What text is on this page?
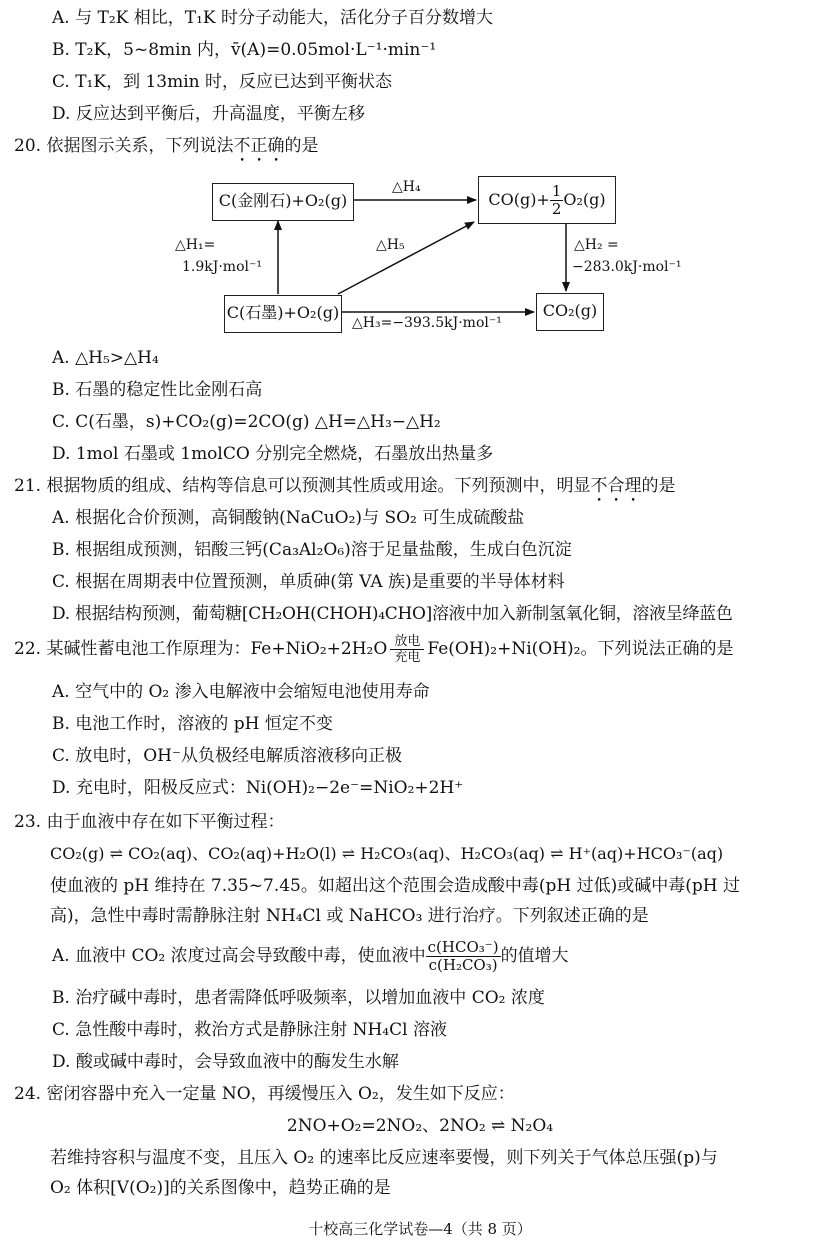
A. 与 T₂K 相比，T₁K 时分子动能大，活化分子百分数增大
B. T₂K，5~8min 内，v̄(A)=0.05mol·L⁻¹·min⁻¹
C. T₁K，到 13min 时，反应已达到平衡状态
D. 反应达到平衡后，升高温度，平衡左移
20. 依据图示关系，下列说法不正确的是
C(金刚石)+O₂(g)	$CO(g)+ \frac{1}{2} O_2(g)$
C(石墨)+O₂(g)	CO₂(g)
△H₄
△H₅
△H₁=
1.9kJ·mol⁻¹
△H₂ =
−283.0kJ·mol⁻¹
△H₃=−393.5kJ·mol⁻¹
A. △H₅>△H₄
B. 石墨的稳定性比金刚石高
C. C(石墨，s)+CO₂(g)=2CO(g) △H=△H₃−△H₂
D. 1mol 石墨或 1molCO 分别完全燃烧，石墨放出热量多
21. 根据物质的组成、结构等信息可以预测其性质或用途。下列预测中，明显不合理的是
A. 根据化合价预测，高铜酸钠(NaCuO₂)与 SO₂ 可生成硫酸盐
B. 根据组成预测，铝酸三钙(Ca₃Al₂O₆)溶于足量盐酸，生成白色沉淀
C. 根据在周期表中位置预测，单质砷(第 VA 族)是重要的半导体材料
D. 根据结构预测，葡萄糖[CH₂OH(CHOH)₄CHO]溶液中加入新制氢氧化铜，溶液呈绛蓝色
22. 某碱性蓄电池工作原理为：Fe+NiO₂+2H₂O 放电
充电 Fe(OH)₂+Ni(OH)₂。下列说法正确的是
A. 空气中的 O₂ 渗入电解液中会缩短电池使用寿命
B. 电池工作时，溶液的 pH 恒定不变
C. 放电时，OH⁻从负极经电解质溶液移向正极
D. 充电时，阳极反应式：Ni(OH)₂−2e⁻=NiO₂+2H⁺
23. 由于血液中存在如下平衡过程：
CO₂(g) ⇌ CO₂(aq)、CO₂(aq)+H₂O(l) ⇌ H₂CO₃(aq)、H₂CO₃(aq) ⇌ H⁺(aq)+HCO₃⁻(aq)
使血液的 pH 维持在 7.35~7.45。如超出这个范围会造成酸中毒(pH 过低)或碱中毒(pH 过
高)，急性中毒时需静脉注射 NH₄Cl 或 NaHCO₃ 进行治疗。下列叙述正确的是
A. 血液中 CO₂ 浓度过高会导致酸中毒，使血液中 $\frac{\text{c(HCO₃⁻)}}{\text{c(H₂CO₃)}}$ 的值增大
B. 治疗碱中毒时，患者需降低呼吸频率，以增加血液中 CO₂ 浓度
C. 急性酸中毒时，救治方式是静脉注射 NH₄Cl 溶液
D. 酸或碱中毒时，会导致血液中的酶发生水解
24. 密闭容器中充入一定量 NO，再缓慢压入 O₂，发生如下反应：
2NO+O₂=2NO₂、2NO₂ ⇌ N₂O₄
若维持容积与温度不变，且压入 O₂ 的速率比反应速率要慢，则下列关于气体总压强(p)与
O₂ 体积[V(O₂)]的关系图像中，趋势正确的是
十校高三化学试卷—4（共 8 页）
